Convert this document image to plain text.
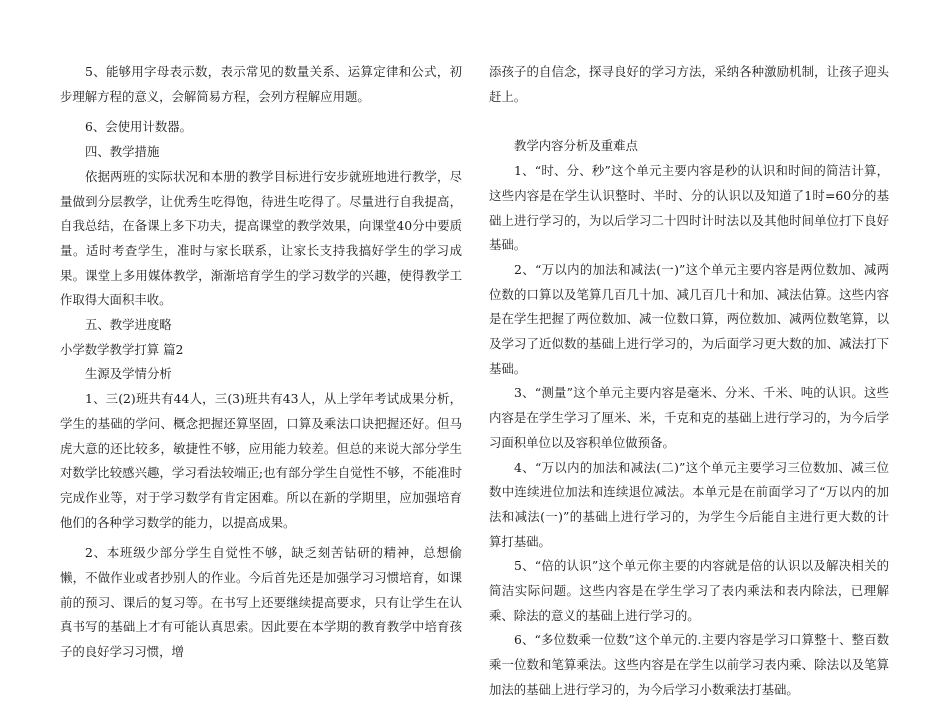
5、能够用字母表示数，表示常见的数量关系、运算定律和公式，初步理解方程的意义，会解简易方程，会列方程解应用题。

6、会使用计数器。

四、教学措施

依据两班的实际状况和本册的教学目标进行安步就班地进行教学，尽量做到分层教学，让优秀生吃得饱，待进生吃得了。尽量进行自我提高，自我总结，在备课上多下功夫，提高课堂的教学效果，向课堂40分中要质量。适时考查学生，准时与家长联系，让家长支持我搞好学生的学习成果。课堂上多用媒体教学，渐渐培育学生的学习数学的兴趣，使得教学工作取得大面积丰收。

五、教学进度略

小学数学教学打算 篇2

生源及学情分析

1、三(2)班共有44人，三(3)班共有43人，从上学年考试成果分析，学生的基础的学问、概念把握还算坚固，口算及乘法口诀把握还好。但马虎大意的还比较多，敏捷性不够，应用能力较差。但总的来说大部分学生对数学比较感兴趣，学习看法较端正;也有部分学生自觉性不够，不能准时完成作业等，对于学习数学有肯定困难。所以在新的学期里，应加强培育他们的各种学习数学的能力，以提高成果。

2、本班级少部分学生自觉性不够，缺乏刻苦钻研的精神，总想偷懒，不做作业或者抄别人的作业。今后首先还是加强学习习惯培育，如课前的预习、课后的复习等。在书写上还要继续提高要求，只有让学生在认真书写的基础上才有可能认真思索。因此要在本学期的教育教学中培育孩子的良好学习习惯，增

添孩子的自信念，探寻良好的学习方法，采纳各种激励机制，让孩子迎头赶上。

教学内容分析及重难点

1、“时、分、秒”这个单元主要内容是秒的认识和时间的简洁计算，这些内容是在学生认识整时、半时、分的认识以及知道了1时=60分的基础上进行学习的，为以后学习二十四时计时法以及其他时间单位打下良好基础。

2、“万以内的加法和减法(一)”这个单元主要内容是两位数加、减两位数的口算以及笔算几百几十加、减几百几十和加、减法估算。这些内容是在学生把握了两位数加、减一位数口算，两位数加、减两位数笔算，以及学习了近似数的基础上进行学习的，为后面学习更大数的加、减法打下基础。

3、“测量”这个单元主要内容是毫米、分米、千米、吨的认识。这些内容是在学生学习了厘米、米，千克和克的基础上进行学习的，为今后学习面积单位以及容积单位做预备。

4、“万以内的加法和减法(二)”这个单元主要学习三位数加、减三位数中连续进位加法和连续退位减法。本单元是在前面学习了“万以内的加法和减法(一)”的基础上进行学习的，为学生今后能自主进行更大数的计算打基础。

5、“倍的认识”这个单元你主要的内容就是倍的认识以及解决相关的简洁实际问题。这些内容是在学生学习了表内乘法和表内除法，已理解乘、除法的意义的基础上进行学习的。

6、“多位数乘一位数”这个单元的.主要内容是学习口算整十、整百数乘一位数和笔算乘法。这些内容是在学生以前学习表内乘、除法以及笔算加法的基础上进行学习的，为今后学习小数乘法打基础。
